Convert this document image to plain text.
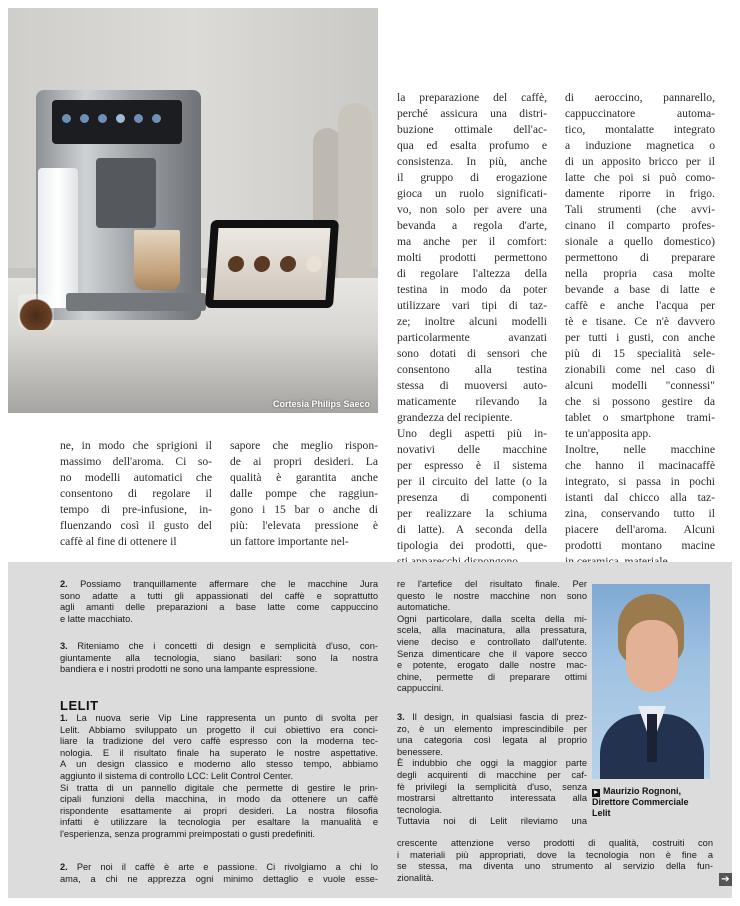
Cortesia Philips Saeco
ne, in modo che sprigioni il
massimo dell'aroma. Ci so-
no modelli automatici che
consentono di regolare il
tempo di pre-infusione, in-
fluenzando così il gusto del
caffè al fine di ottenere il
sapore che meglio rispon-
de ai propri desideri. La
qualità è garantita anche
dalle pompe che raggiun-
gono i 15 bar o anche di
più: l'elevata pressione è
un fattore importante nel-
la preparazione del caffè,
perché assicura una distri-
buzione ottimale dell'ac-
qua ed esalta profumo e
consistenza. In più, anche
il gruppo di erogazione
gioca un ruolo significati-
vo, non solo per avere una
bevanda a regola d'arte,
ma anche per il comfort:
molti prodotti permettono
di regolare l'altezza della
testina in modo da poter
utilizzare vari tipi di taz-
ze; inoltre alcuni modelli
particolarmente avanzati
sono dotati di sensori che
consentono alla testina
stessa di muoversi auto-
maticamente rilevando la
grandezza del recipiente.
Uno degli aspetti più in-
novativi delle macchine
per espresso è il sistema
per il circuito del latte (o la
presenza di componenti
per realizzare la schiuma
di latte). A seconda della
tipologia dei prodotti, que-
di aeroccino, pannarello,
cappuccinatore automa-
tico, montalatte integrato
a induzione magnetica o
di un apposito bricco per il
latte che poi si può como-
damente riporre in frigo.
Tali strumenti (che avvi-
cinano il comparto profes-
sionale a quello domestico)
permettono di preparare
nella propria casa molte
bevande a base di latte e
caffè e anche l'acqua per
tè e tisane. Ce n'è davvero
per tutti i gusti, con anche
più di 15 specialità sele-
zionabili come nel caso di
alcuni modelli "connessi"
che si possono gestire da
tablet o smartphone trami-
te un'apposita app.
Inoltre, nelle macchine
che hanno il macinacaffè
integrato, si passa in pochi
istanti dal chicco alla taz-
zina, conservando tutto il
piacere dell'aroma. Alcuni
prodotti montano macine
2. Possiamo tranquillamente affermare che le macchine Jura
sono adatte a tutti gli appassionati del caffè e soprattutto
agli amanti delle preparazioni a base latte come cappuccino
e latte macchiato.
3. Riteniamo che i concetti di design e semplicità d'uso, con-
giuntamente alla tecnologia, siano basilari: sono la nostra
bandiera e i nostri prodotti ne sono una lampante espressione.
LELIT
1. La nuova serie Vip Line rappresenta un punto di svolta per
Lelit. Abbiamo sviluppato un progetto il cui obiettivo era conci-
liare la tradizione del vero caffè espresso con la moderna tec-
nologia. E il risultato finale ha superato le nostre aspettative.
A un design classico e moderno allo stesso tempo, abbiamo
aggiunto il sistema di controllo LCC: Lelit Control Center.
Si tratta di un pannello digitale che permette di gestire le prin-
cipali funzioni della macchina, in modo da ottenere un caffè
rispondente esattamente ai propri desideri. La nostra filosofia
infatti è utilizzare la tecnologia per esaltare la manualità e
l'esperienza, senza programmi preimpostati o gusti predefiniti.
2. Per noi il caffè è arte e passione. Ci rivolgiamo a chi lo
ama, a chi ne apprezza ogni minimo dettaglio e vuole esse-
re l'artefice del risultato finale. Per
questo le nostre macchine non sono
automatiche.
Ogni particolare, dalla scelta della mi-
scela, alla macinatura, alla pressatura,
viene deciso e controllato dall'utente.
Senza dimenticare che il vapore secco
e potente, erogato dalle nostre mac-
chine, permette di preparare ottimi
cappuccini.
3. Il design, in qualsiasi fascia di prez-
zo, è un elemento imprescindibile per
una categoria così legata al proprio
benessere.
È indubbio che oggi la maggior parte
degli acquirenti di macchine per caf-
fè privilegi la semplicità d'uso, senza
mostrarsi altrettanto interessata alla
tecnologia.
Tuttavia noi di Lelit rileviamo una
crescente attenzione verso prodotti di qualità, costruiti con
i materiali più appropriati, dove la tecnologia non è fine a
se stessa, ma diventa uno strumento al servizio della fun-
zionalità.
▸ Maurizio Rognoni,
Direttore Commerciale
Lelit
➔
